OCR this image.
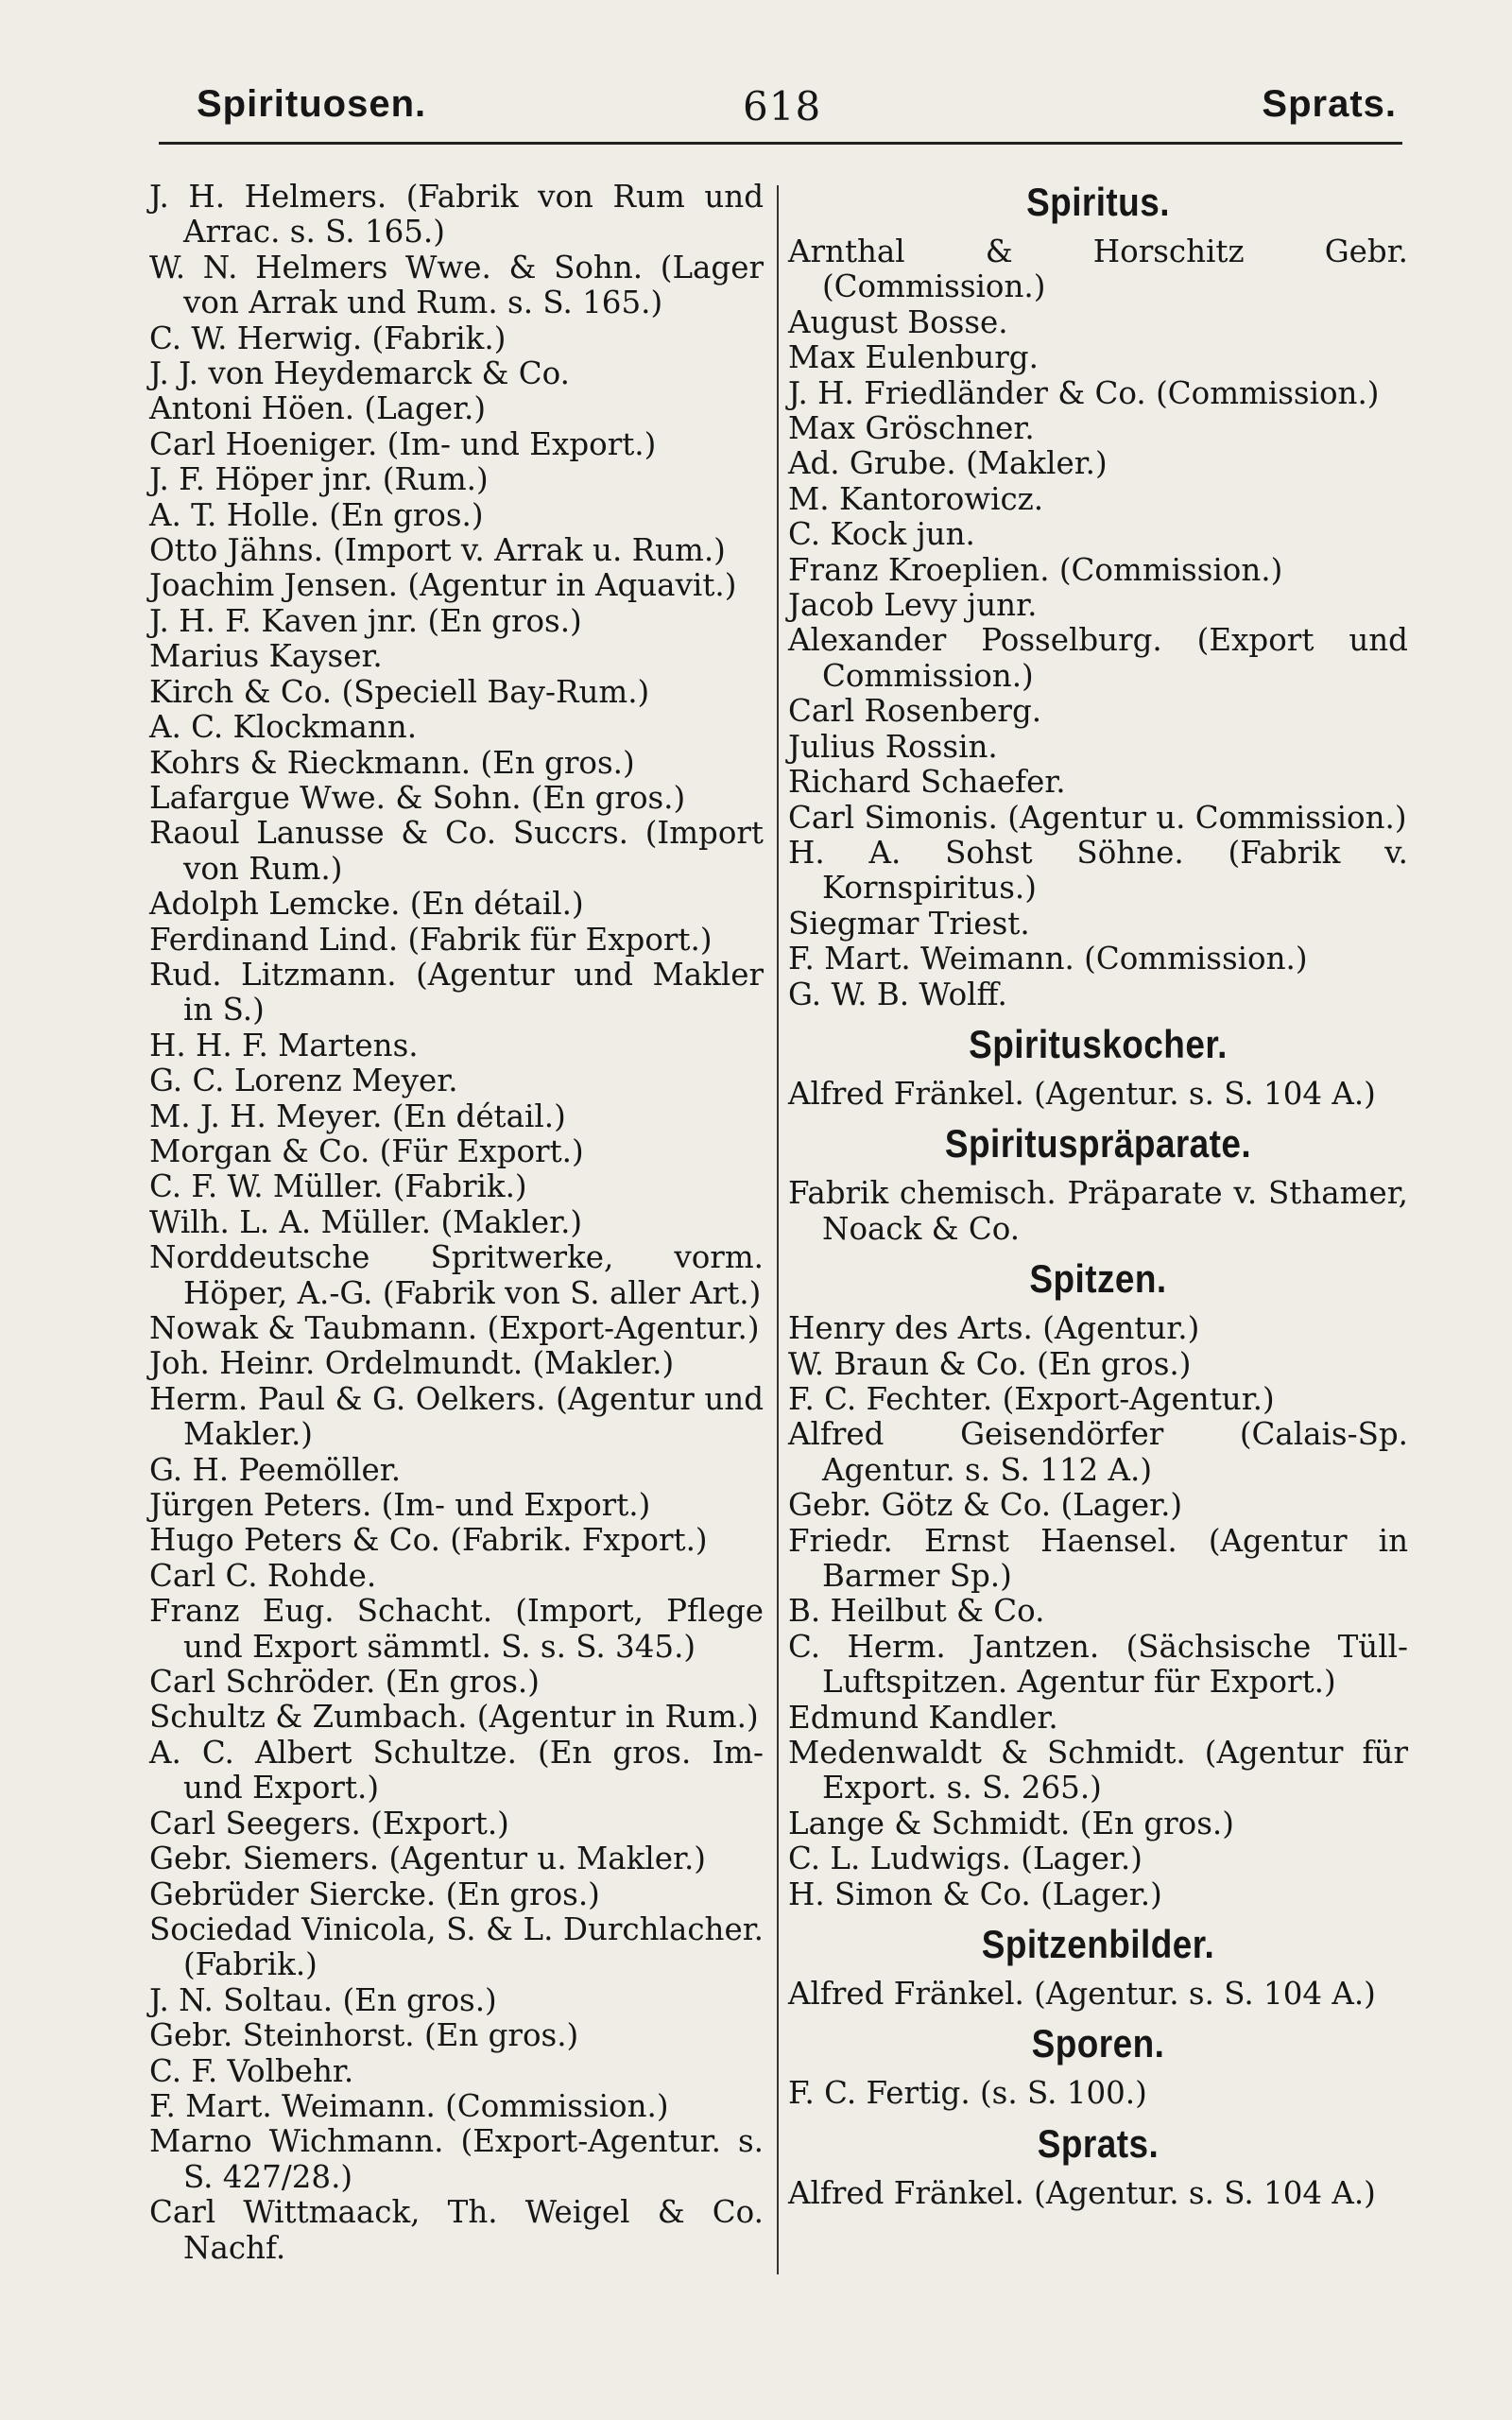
Spirituosen.	618	Sprats.

J. H. Helmers. (Fabrik von Rum und Arrac. s. S. 165.)

W. N. Helmers Wwe. & Sohn. (Lager von Arrak und Rum. s. S. 165.)

C. W. Herwig. (Fabrik.)

J. J. von Heydemarck & Co.

Antoni Höen. (Lager.)

Carl Hoeniger. (Im- und Export.)

J. F. Höper jnr. (Rum.)

A. T. Holle. (En gros.)

Otto Jähns. (Import v. Arrak u. Rum.)

Joachim Jensen. (Agentur in Aquavit.)

J. H. F. Kaven jnr. (En gros.)

Marius Kayser.

Kirch & Co. (Speciell Bay-Rum.)

A. C. Klockmann.

Kohrs & Rieckmann. (En gros.)

Lafargue Wwe. & Sohn. (En gros.)

Raoul Lanusse & Co. Succrs. (Import von Rum.)

Adolph Lemcke. (En détail.)

Ferdinand Lind. (Fabrik für Export.)

Rud. Litzmann. (Agentur und Makler in S.)

H. H. F. Martens.

G. C. Lorenz Meyer.

M. J. H. Meyer. (En détail.)

Morgan & Co. (Für Export.)

C. F. W. Müller. (Fabrik.)

Wilh. L. A. Müller. (Makler.)

Norddeutsche Spritwerke, vorm. Höper, A.-G. (Fabrik von S. aller Art.)

Nowak & Taubmann. (Export-Agentur.)

Joh. Heinr. Ordelmundt. (Makler.)

Herm. Paul & G. Oelkers. (Agentur und Makler.)

G. H. Peemöller.

Jürgen Peters. (Im- und Export.)

Hugo Peters & Co. (Fabrik. Fxport.)

Carl C. Rohde.

Franz Eug. Schacht. (Import, Pflege und Export sämmtl. S. s. S. 345.)

Carl Schröder. (En gros.)

Schultz & Zumbach. (Agentur in Rum.)

A. C. Albert Schultze. (En gros. Im- und Export.)

Carl Seegers. (Export.)

Gebr. Siemers. (Agentur u. Makler.)

Gebrüder Siercke. (En gros.)

Sociedad Vinicola, S. & L. Durchlacher. (Fabrik.)

J. N. Soltau. (En gros.)

Gebr. Steinhorst. (En gros.)

C. F. Volbehr.

F. Mart. Weimann. (Commission.)

Marno Wichmann. (Export-Agentur. s. S. 427/28.)

Carl Wittmaack, Th. Weigel & Co. Nachf.

Spiritus.

Arnthal & Horschitz Gebr. (Commission.)

August Bosse.

Max Eulenburg.

J. H. Friedländer & Co. (Commission.)

Max Gröschner.

Ad. Grube. (Makler.)

M. Kantorowicz.

C. Kock jun.

Franz Kroeplien. (Commission.)

Jacob Levy junr.

Alexander Posselburg. (Export und Commission.)

Carl Rosenberg.

Julius Rossin.

Richard Schaefer.

Carl Simonis. (Agentur u. Commission.)

H. A. Sohst Söhne. (Fabrik v. Kornspiritus.)

Siegmar Triest.

F. Mart. Weimann. (Commission.)

G. W. B. Wolff.

Spirituskocher.

Alfred Fränkel. (Agentur. s. S. 104 A.)

Spirituspräparate.

Fabrik chemisch. Präparate v. Sthamer, Noack & Co.

Spitzen.

Henry des Arts. (Agentur.)

W. Braun & Co. (En gros.)

F. C. Fechter. (Export-Agentur.)

Alfred Geisendörfer (Calais-Sp. Agentur. s. S. 112 A.)

Gebr. Götz & Co. (Lager.)

Friedr. Ernst Haensel. (Agentur in Barmer Sp.)

B. Heilbut & Co.

C. Herm. Jantzen. (Sächsische Tüll-Luftspitzen. Agentur für Export.)

Edmund Kandler.

Medenwaldt & Schmidt. (Agentur für Export. s. S. 265.)

Lange & Schmidt. (En gros.)

C. L. Ludwigs. (Lager.)

H. Simon & Co. (Lager.)

Spitzenbilder.

Alfred Fränkel. (Agentur. s. S. 104 A.)

Sporen.

F. C. Fertig. (s. S. 100.)

Sprats.

Alfred Fränkel. (Agentur. s. S. 104 A.)
